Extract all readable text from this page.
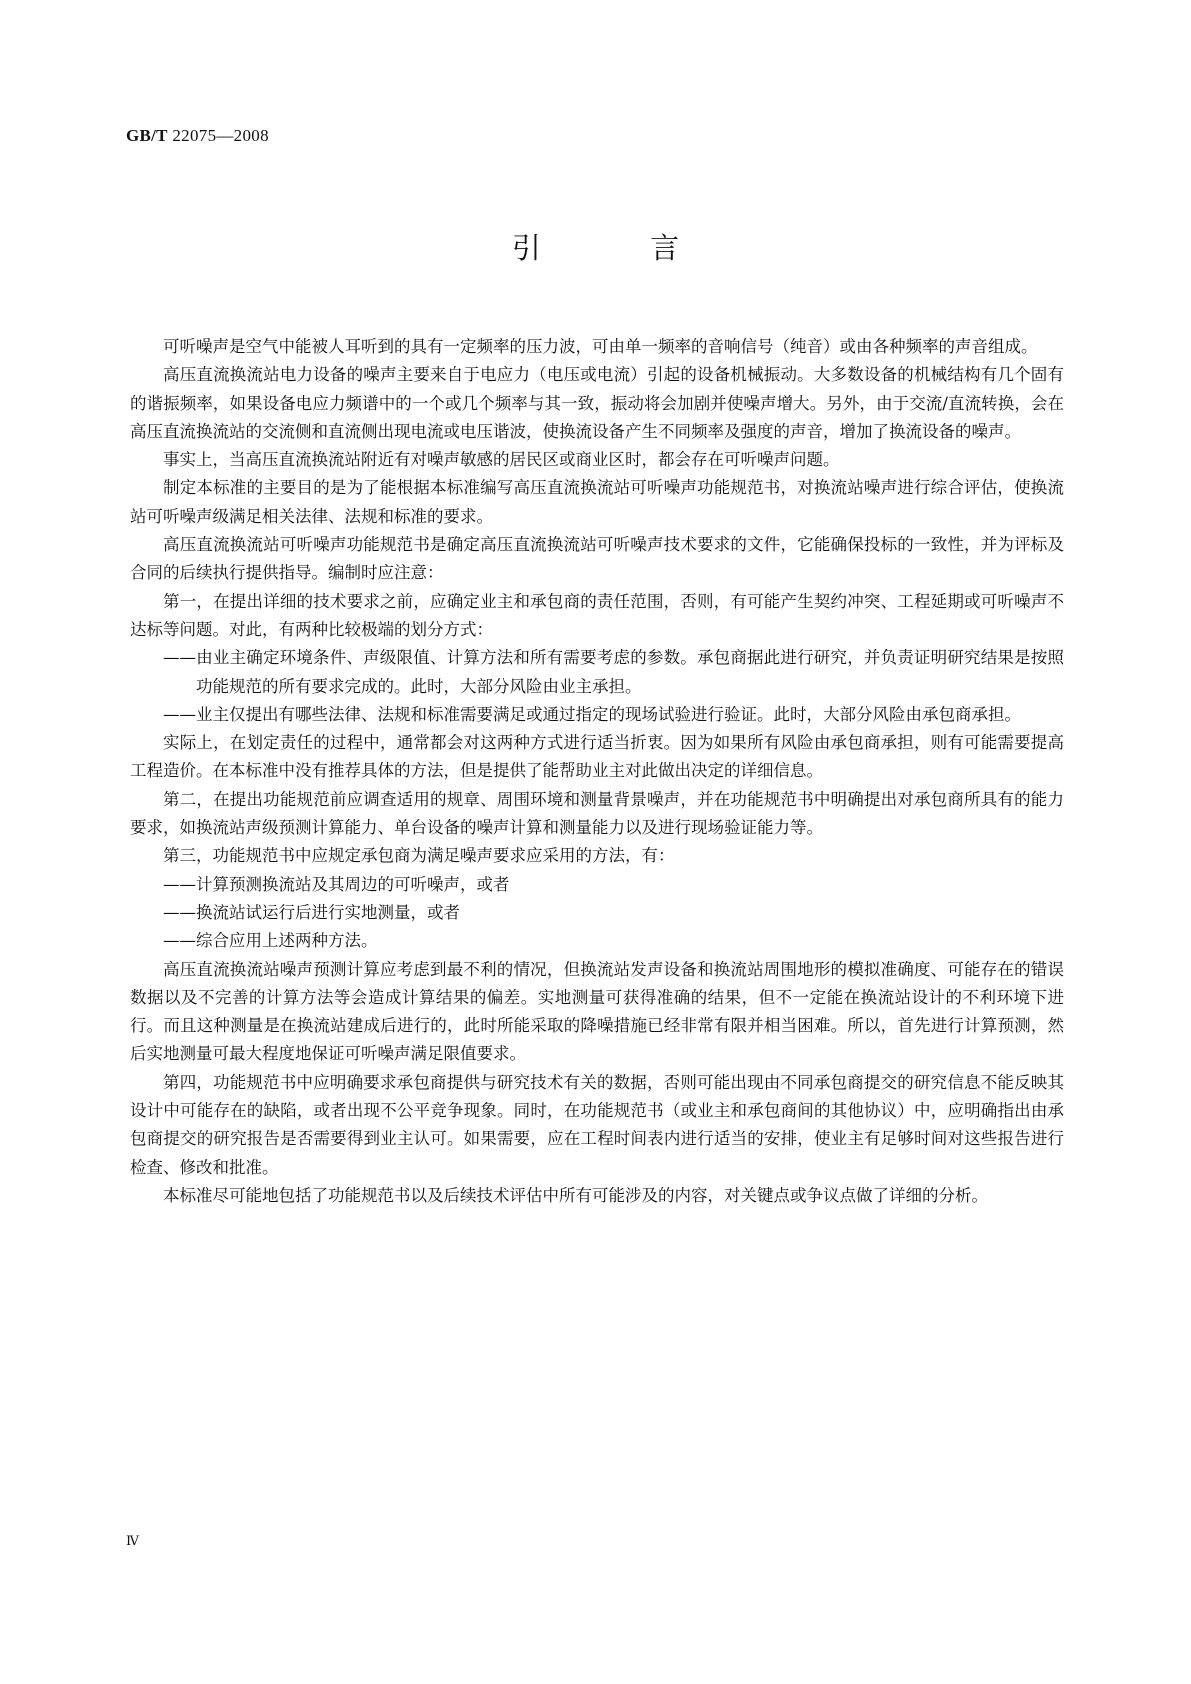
GB/T 22075—2008
引 言

可听噪声是空气中能被人耳听到的具有一定频率的压力波，可由单一频率的音响信号（纯音）或由各种频率的声音组成。

高压直流换流站电力设备的噪声主要来自于电应力（电压或电流）引起的设备机械振动。大多数设备的机械结构有几个固有的谐振频率，如果设备电应力频谱中的一个或几个频率与其一致，振动将会加剧并使噪声增大。另外，由于交流/直流转换，会在高压直流换流站的交流侧和直流侧出现电流或电压谐波，使换流设备产生不同频率及强度的声音，增加了换流设备的噪声。

事实上，当高压直流换流站附近有对噪声敏感的居民区或商业区时，都会存在可听噪声问题。

制定本标准的主要目的是为了能根据本标准编写高压直流换流站可听噪声功能规范书，对换流站噪声进行综合评估，使换流站可听噪声级满足相关法律、法规和标准的要求。

高压直流换流站可听噪声功能规范书是确定高压直流换流站可听噪声技术要求的文件，它能确保投标的一致性，并为评标及合同的后续执行提供指导。编制时应注意：

第一，在提出详细的技术要求之前，应确定业主和承包商的责任范围，否则，有可能产生契约冲突、工程延期或可听噪声不达标等问题。对此，有两种比较极端的划分方式：

——由业主确定环境条件、声级限值、计算方法和所有需要考虑的参数。承包商据此进行研究，并负责证明研究结果是按照功能规范的所有要求完成的。此时，大部分风险由业主承担。

——业主仅提出有哪些法律、法规和标准需要满足或通过指定的现场试验进行验证。此时，大部分风险由承包商承担。

实际上，在划定责任的过程中，通常都会对这两种方式进行适当折衷。因为如果所有风险由承包商承担，则有可能需要提高工程造价。在本标准中没有推荐具体的方法，但是提供了能帮助业主对此做出决定的详细信息。

第二，在提出功能规范前应调查适用的规章、周围环境和测量背景噪声，并在功能规范书中明确提出对承包商所具有的能力要求，如换流站声级预测计算能力、单台设备的噪声计算和测量能力以及进行现场验证能力等。

第三，功能规范书中应规定承包商为满足噪声要求应采用的方法，有：

——计算预测换流站及其周边的可听噪声，或者

——换流站试运行后进行实地测量，或者

——综合应用上述两种方法。

高压直流换流站噪声预测计算应考虑到最不利的情况，但换流站发声设备和换流站周围地形的模拟准确度、可能存在的错误数据以及不完善的计算方法等会造成计算结果的偏差。实地测量可获得准确的结果，但不一定能在换流站设计的不利环境下进行。而且这种测量是在换流站建成后进行的，此时所能采取的降噪措施已经非常有限并相当困难。所以，首先进行计算预测，然后实地测量可最大程度地保证可听噪声满足限值要求。

第四，功能规范书中应明确要求承包商提供与研究技术有关的数据，否则可能出现由不同承包商提交的研究信息不能反映其设计中可能存在的缺陷，或者出现不公平竞争现象。同时，在功能规范书（或业主和承包商间的其他协议）中，应明确指出由承包商提交的研究报告是否需要得到业主认可。如果需要，应在工程时间表内进行适当的安排，使业主有足够时间对这些报告进行检查、修改和批准。

本标准尽可能地包括了功能规范书以及后续技术评估中所有可能涉及的内容，对关键点或争议点做了详细的分析。

Ⅳ
